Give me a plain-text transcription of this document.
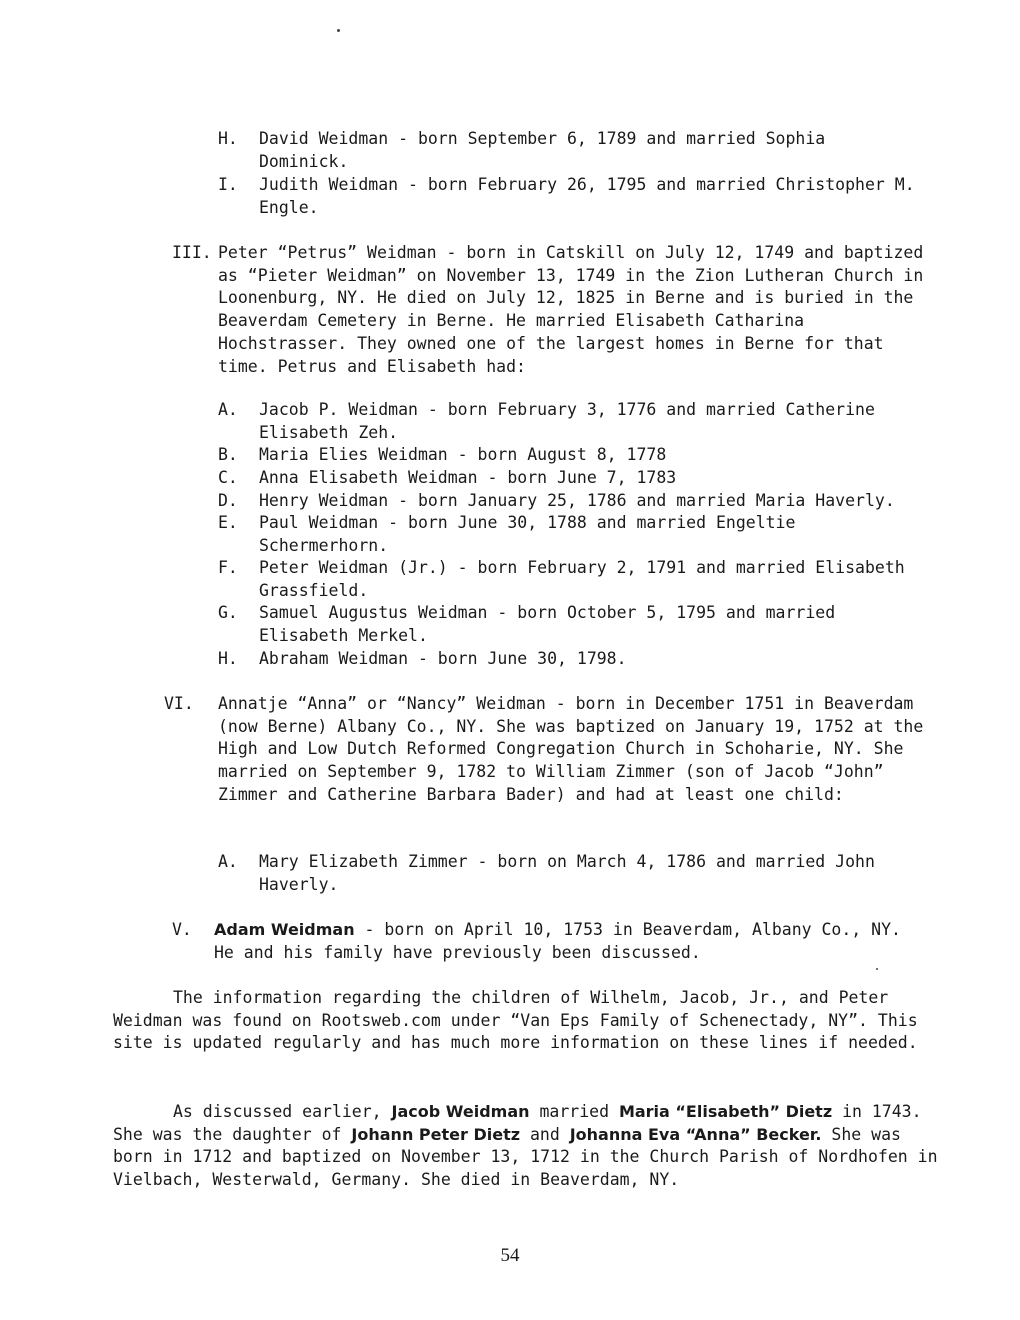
H. David Weidman - born September 6, 1789 and married Sophia Dominick.
I. Judith Weidman - born February 26, 1795 and married Christopher M. Engle.
III. Peter “Petrus” Weidman - born in Catskill on July 12, 1749 and baptized as “Pieter Weidman” on November 13, 1749 in the Zion Lutheran Church in Loonenburg, NY. He died on July 12, 1825 in Berne and is buried in the Beaverdam Cemetery in Berne. He married Elisabeth Catharina Hochstrasser. They owned one of the largest homes in Berne for that time. Petrus and Elisabeth had:
A. Jacob P. Weidman - born February 3, 1776 and married Catherine Elisabeth Zeh.
B. Maria Elies Weidman - born August 8, 1778
C. Anna Elisabeth Weidman - born June 7, 1783
D. Henry Weidman - born January 25, 1786 and married Maria Haverly.
E. Paul Weidman - born June 30, 1788 and married Engeltie Schermerhorn.
F. Peter Weidman (Jr.) - born February 2, 1791 and married Elisabeth Grassfield.
G. Samuel Augustus Weidman - born October 5, 1795 and married Elisabeth Merkel.
H. Abraham Weidman - born June 30, 1798.
VI. Annatje “Anna” or “Nancy” Weidman - born in December 1751 in Beaverdam (now Berne) Albany Co., NY. She was baptized on January 19, 1752 at the High and Low Dutch Reformed Congregation Church in Schoharie, NY. She married on September 9, 1782 to William Zimmer (son of Jacob “John” Zimmer and Catherine Barbara Bader) and had at least one child:
A. Mary Elizabeth Zimmer - born on March 4, 1786 and married John Haverly.
V. Adam Weidman - born on April 10, 1753 in Beaverdam, Albany Co., NY. He and his family have previously been discussed.
The information regarding the children of Wilhelm, Jacob, Jr., and Peter Weidman was found on Rootsweb.com under “Van Eps Family of Schenectady, NY”. This site is updated regularly and has much more information on these lines if needed.
As discussed earlier, Jacob Weidman married Maria “Elisabeth” Dietz in 1743. She was the daughter of Johann Peter Dietz and Johanna Eva “Anna” Becker. She was born in 1712 and baptized on November 13, 1712 in the Church Parish of Nordhofen in Vielbach, Westerwald, Germany. She died in Beaverdam, NY.
54
